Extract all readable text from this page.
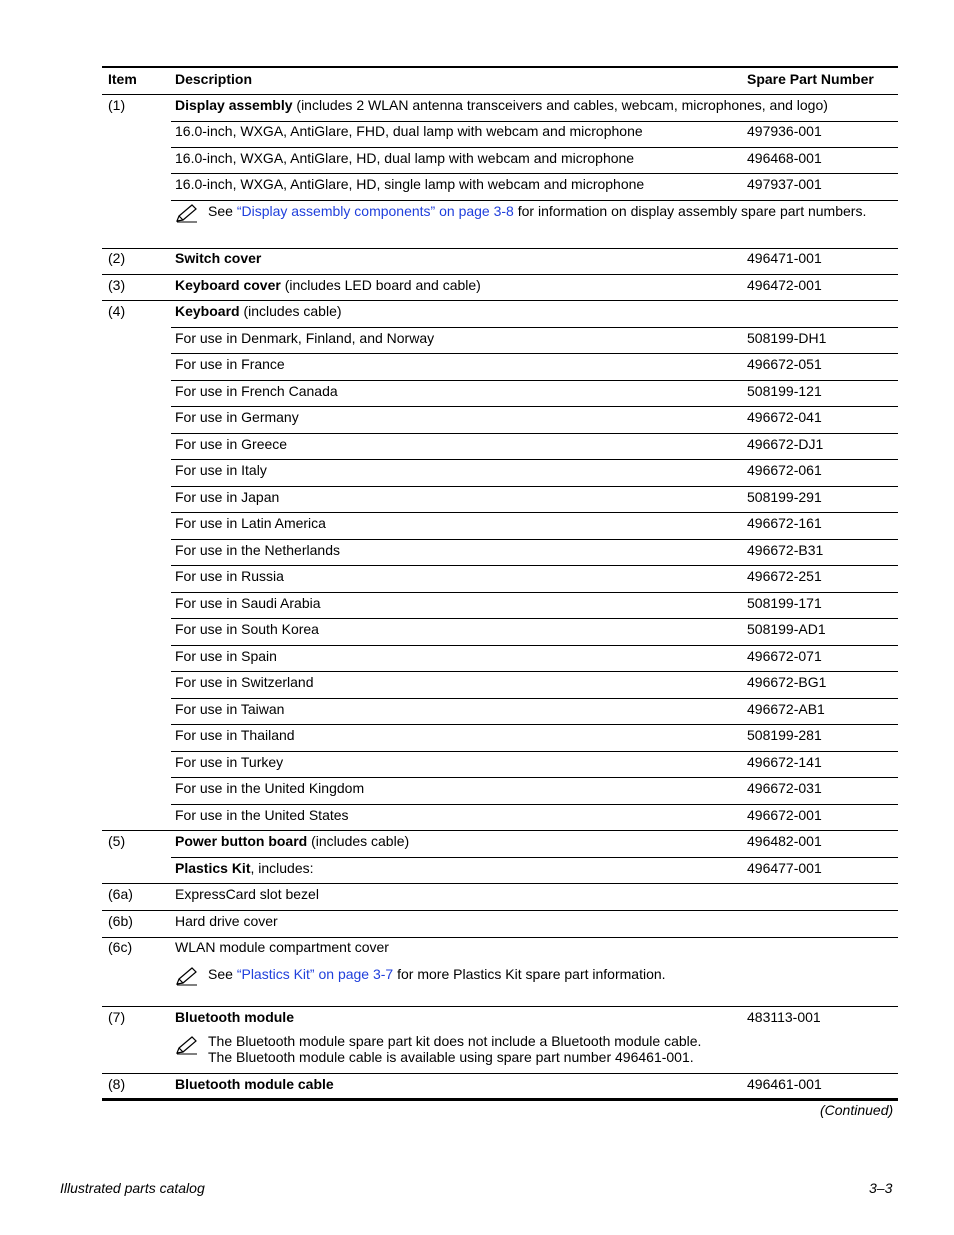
Item	Description	Spare Part Number
(1)	Display assembly (includes 2 WLAN antenna transceivers and cables, webcam, microphones, and logo)
16.0-inch, WXGA, AntiGlare, FHD, dual lamp with webcam and microphone	497936-001
16.0-inch, WXGA, AntiGlare, HD, dual lamp with webcam and microphone	496468-001
16.0-inch, WXGA, AntiGlare, HD, single lamp with webcam and microphone	497937-001
(2)	Switch cover	496471-001
(3)	Keyboard cover (includes LED board and cable)	496472-001
(4)	Keyboard (includes cable)
For use in Denmark, Finland, and Norway	508199-DH1
For use in France	496672-051
For use in French Canada	508199-121
For use in Germany	496672-041
For use in Greece	496672-DJ1
For use in Italy	496672-061
For use in Japan	508199-291
For use in Latin America	496672-161
For use in the Netherlands	496672-B31
For use in Russia	496672-251
For use in Saudi Arabia	508199-171
For use in South Korea	508199-AD1
For use in Spain	496672-071
For use in Switzerland	496672-BG1
For use in Taiwan	496672-AB1
For use in Thailand	508199-281
For use in Turkey	496672-141
For use in the United Kingdom	496672-031
For use in the United States	496672-001
(5)	Power button board (includes cable)	496482-001
Plastics Kit, includes:	496477-001
(6a)	ExpressCard slot bezel
(6b)	Hard drive cover
(6c)	WLAN module compartment cover
(7)	Bluetooth module	483113-001
(8)	Bluetooth module cable	496461-001
See “Display assembly components” on page 3-8 for information on display assembly spare part numbers.
See “Plastics Kit” on page 3-7 for more Plastics Kit spare part information.
The Bluetooth module spare part kit does not include a Bluetooth module cable.
The Bluetooth module cable is available using spare part number 496461-001.
(Continued)
Illustrated parts catalog	3–3
